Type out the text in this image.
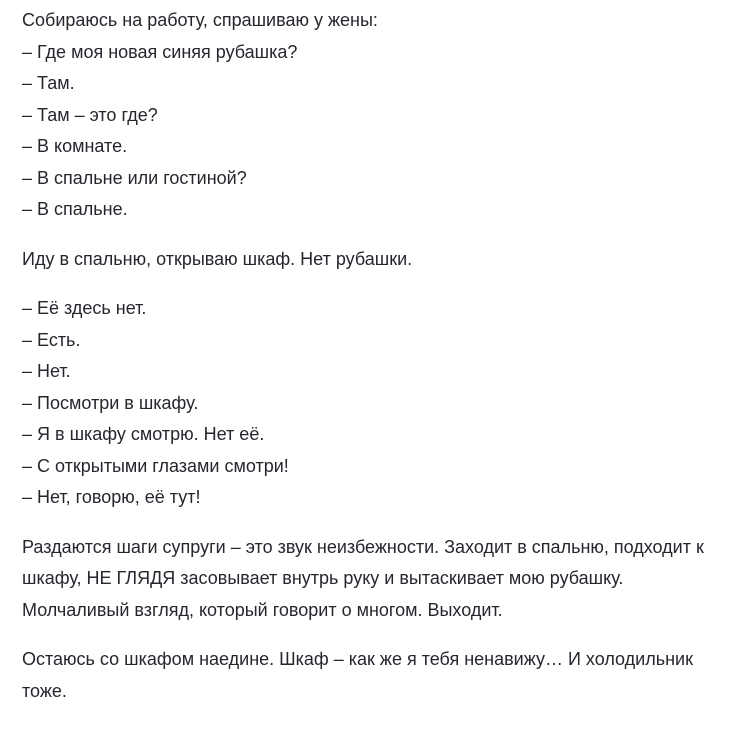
Собираюсь на работу, спрашиваю у жены:
– Где моя новая синяя рубашка?
– Там.
– Там – это где?
– В комнате.
– В спальне или гостиной?
– В спальне.

Иду в спальню, открываю шкаф. Нет рубашки.

– Её здесь нет.
– Есть.
– Нет.
– Посмотри в шкафу.
– Я в шкафу смотрю. Нет её.
– С открытыми глазами смотри!
– Нет, говорю, её тут!

Раздаются шаги супруги – это звук неизбежности. Заходит в спальню, подходит к шкафу, НЕ ГЛЯДЯ засовывает внутрь руку и вытаскивает мою рубашку. Молчаливый взгляд, который говорит о многом. Выходит.

Остаюсь со шкафом наедине. Шкаф – как же я тебя ненавижу… И холодильник тоже.
